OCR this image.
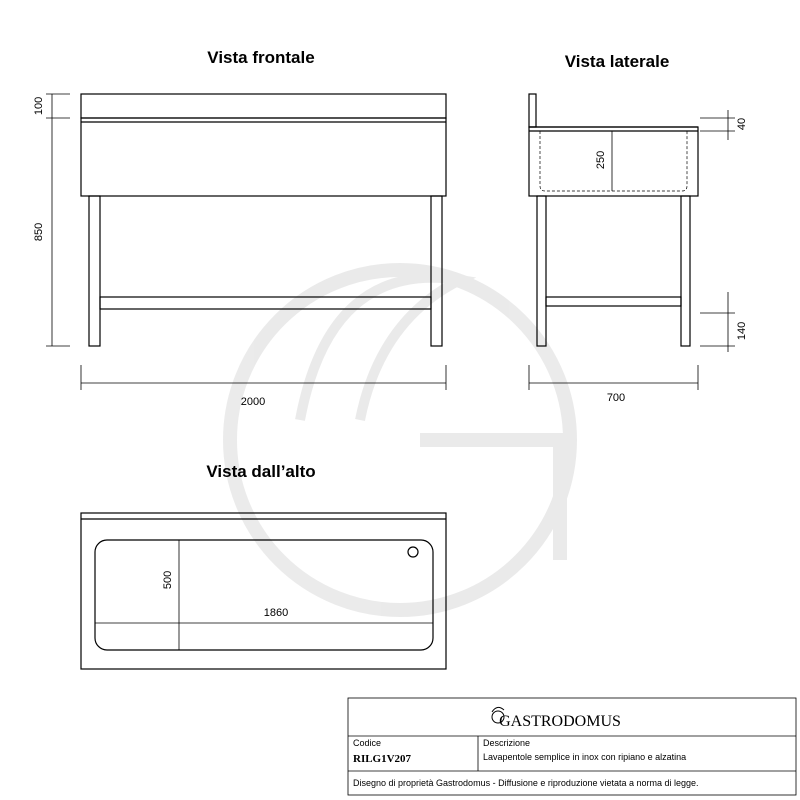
Vista frontale	Vista laterale
Vista dall’alto
100
850
2000
40
250
140
700
500
1860
GASTRODOMUS
Codice
RILG1V207
Descrizione
Lavapentole semplice in inox con ripiano e alzatina
Disegno di proprietà Gastrodomus - Diffusione e riproduzione vietata a norma di legge.
